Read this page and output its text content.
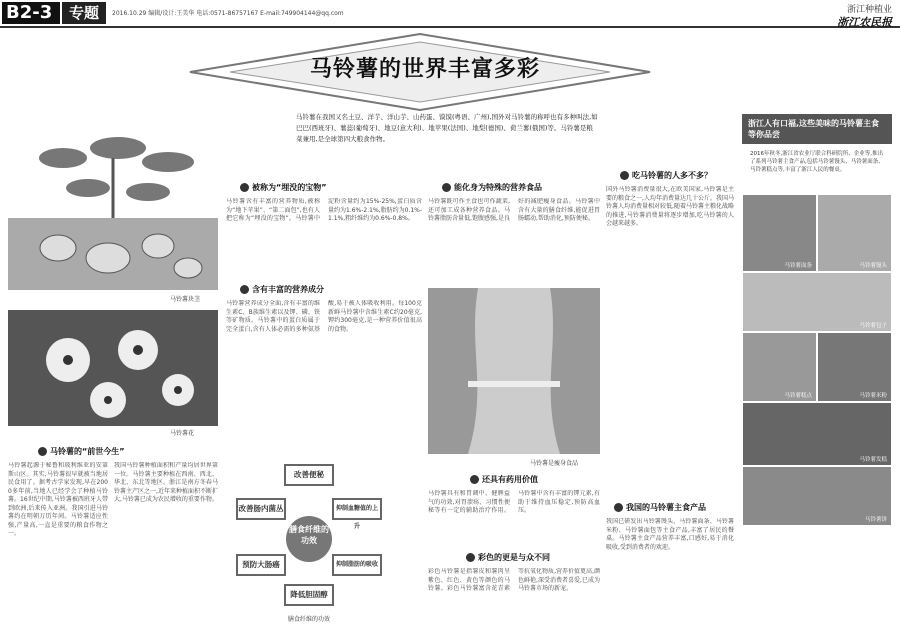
B2-3	专题	2016.10.29 编辑/设计:王美华 电话:0571-86757167 E-mail:749904144@qq.com	浙江种植业
浙江农民报
马铃薯的世界丰富多彩
马铃薯在我国又名土豆、洋芋、洋山芋、山药蛋、馍馍(粤语、广州),国外对马铃薯的称呼也有多种叫法,如巴巴(西班牙)、薯蕊(葡萄牙)、地豆(意大利)、地苹果(法国)、地梨(德国)、荷兰薯(俄国)等。马铃薯是粮菜兼用,是全球第四大粮食作物。
马铃薯块茎
马铃薯花
马铃薯的“前世今生”
马铃薯起源于秘鲁和玻利维亚的安第斯山区。其实,马铃薯很早就被当地居民食用了。据考古学家发现,早在2000多年前,当地人已经学会了种植马铃薯。16世纪中期,马铃薯被西班牙人带到欧洲,后来传入亚洲。我国引进马铃薯约在明朝万历年间。马铃薯适应性强,产量高,一直是重要的粮食作物之一。
我国马铃薯种植面积和产量均居世界第一位。马铃薯主要种植在西南、西北、华北、东北等地区。浙江是南方冬春马铃薯主产区之一,近年来种植面积不断扩大,马铃薯已成为农民增收的重要作物。
被称为“埋没的宝物”
马铃薯含有丰富的营养物质,被称为“地下苹果”、“第二面包”,也有人把它称为“埋没的宝物”。马铃薯中淀粉含量约为15%-25%,蛋白质含量约为1.6%-2.1%,脂肪约为0.1%-1.1%,粗纤维约为0.6%-0.8%。
含有丰富的营养成分
马铃薯营养成分全面,含有丰富的维生素C、B族维生素以及钾、磷、铁等矿物质。马铃薯中的蛋白质属于完全蛋白,含有人体必需的多种氨基酸,易于被人体吸收利用。每100克新鲜马铃薯中含维生素C约20毫克,钾约300毫克,是一种营养价值很高的食物。
改善便秘
改善肠内菌丛	抑制血糖值的上升
膳食纤维的功效
预防大肠癌	抑制脂肪的吸收
降低胆固醇
膳食纤维的功效
能化身为特殊的营养食品
马铃薯既可作主食也可作蔬菜,还可加工成各种营养食品。马铃薯脂肪含量低,饱腹感强,是良好的减肥瘦身食品。马铃薯中含有大量的膳食纤维,能促进胃肠蠕动,帮助消化,预防便秘。
马铃薯是瘦身食品
还具有药用价值
马铃薯具有和胃调中、健脾益气的功效,对胃溃疡、习惯性便秘等有一定的辅助治疗作用。马铃薯中含有丰富的钾元素,有助于维持血压稳定,预防高血压。
彩色的更是与众不同
彩色马铃薯是指薯皮和薯肉呈紫色、红色、黄色等颜色的马铃薯。彩色马铃薯富含花青素等抗氧化物质,营养价值更高,颜色鲜艳,深受消费者喜爱,已成为马铃薯市场的新宠。
吃马铃薯的人多不多？
国外马铃薯消费量很大,在欧美国家,马铃薯是主要的粮食之一,人均年消费量达几十公斤。我国马铃薯人均消费量相对较低,随着马铃薯主粮化战略的推进,马铃薯消费量将逐步增加,吃马铃薯的人会越来越多。
我国的马铃薯主食产品
我国已研发出马铃薯馒头、马铃薯面条、马铃薯米粉、马铃薯面包等主食产品,丰富了居民的餐桌。马铃薯主食产品营养丰富,口感好,易于消化吸收,受到消费者的欢迎。
浙江人有口福,这些美味的马铃薯主食等你品尝
2016年秋冬,浙江省农业厅联合科研院所、企业等,推出了系列马铃薯主食产品,包括马铃薯馒头、马铃薯面条、马铃薯糕点等,丰富了浙江人民的餐桌。
马铃薯面条	马铃薯馒头
马铃薯包子
马铃薯糕点	马铃薯米粉
马铃薯发糕
马铃薯饼
